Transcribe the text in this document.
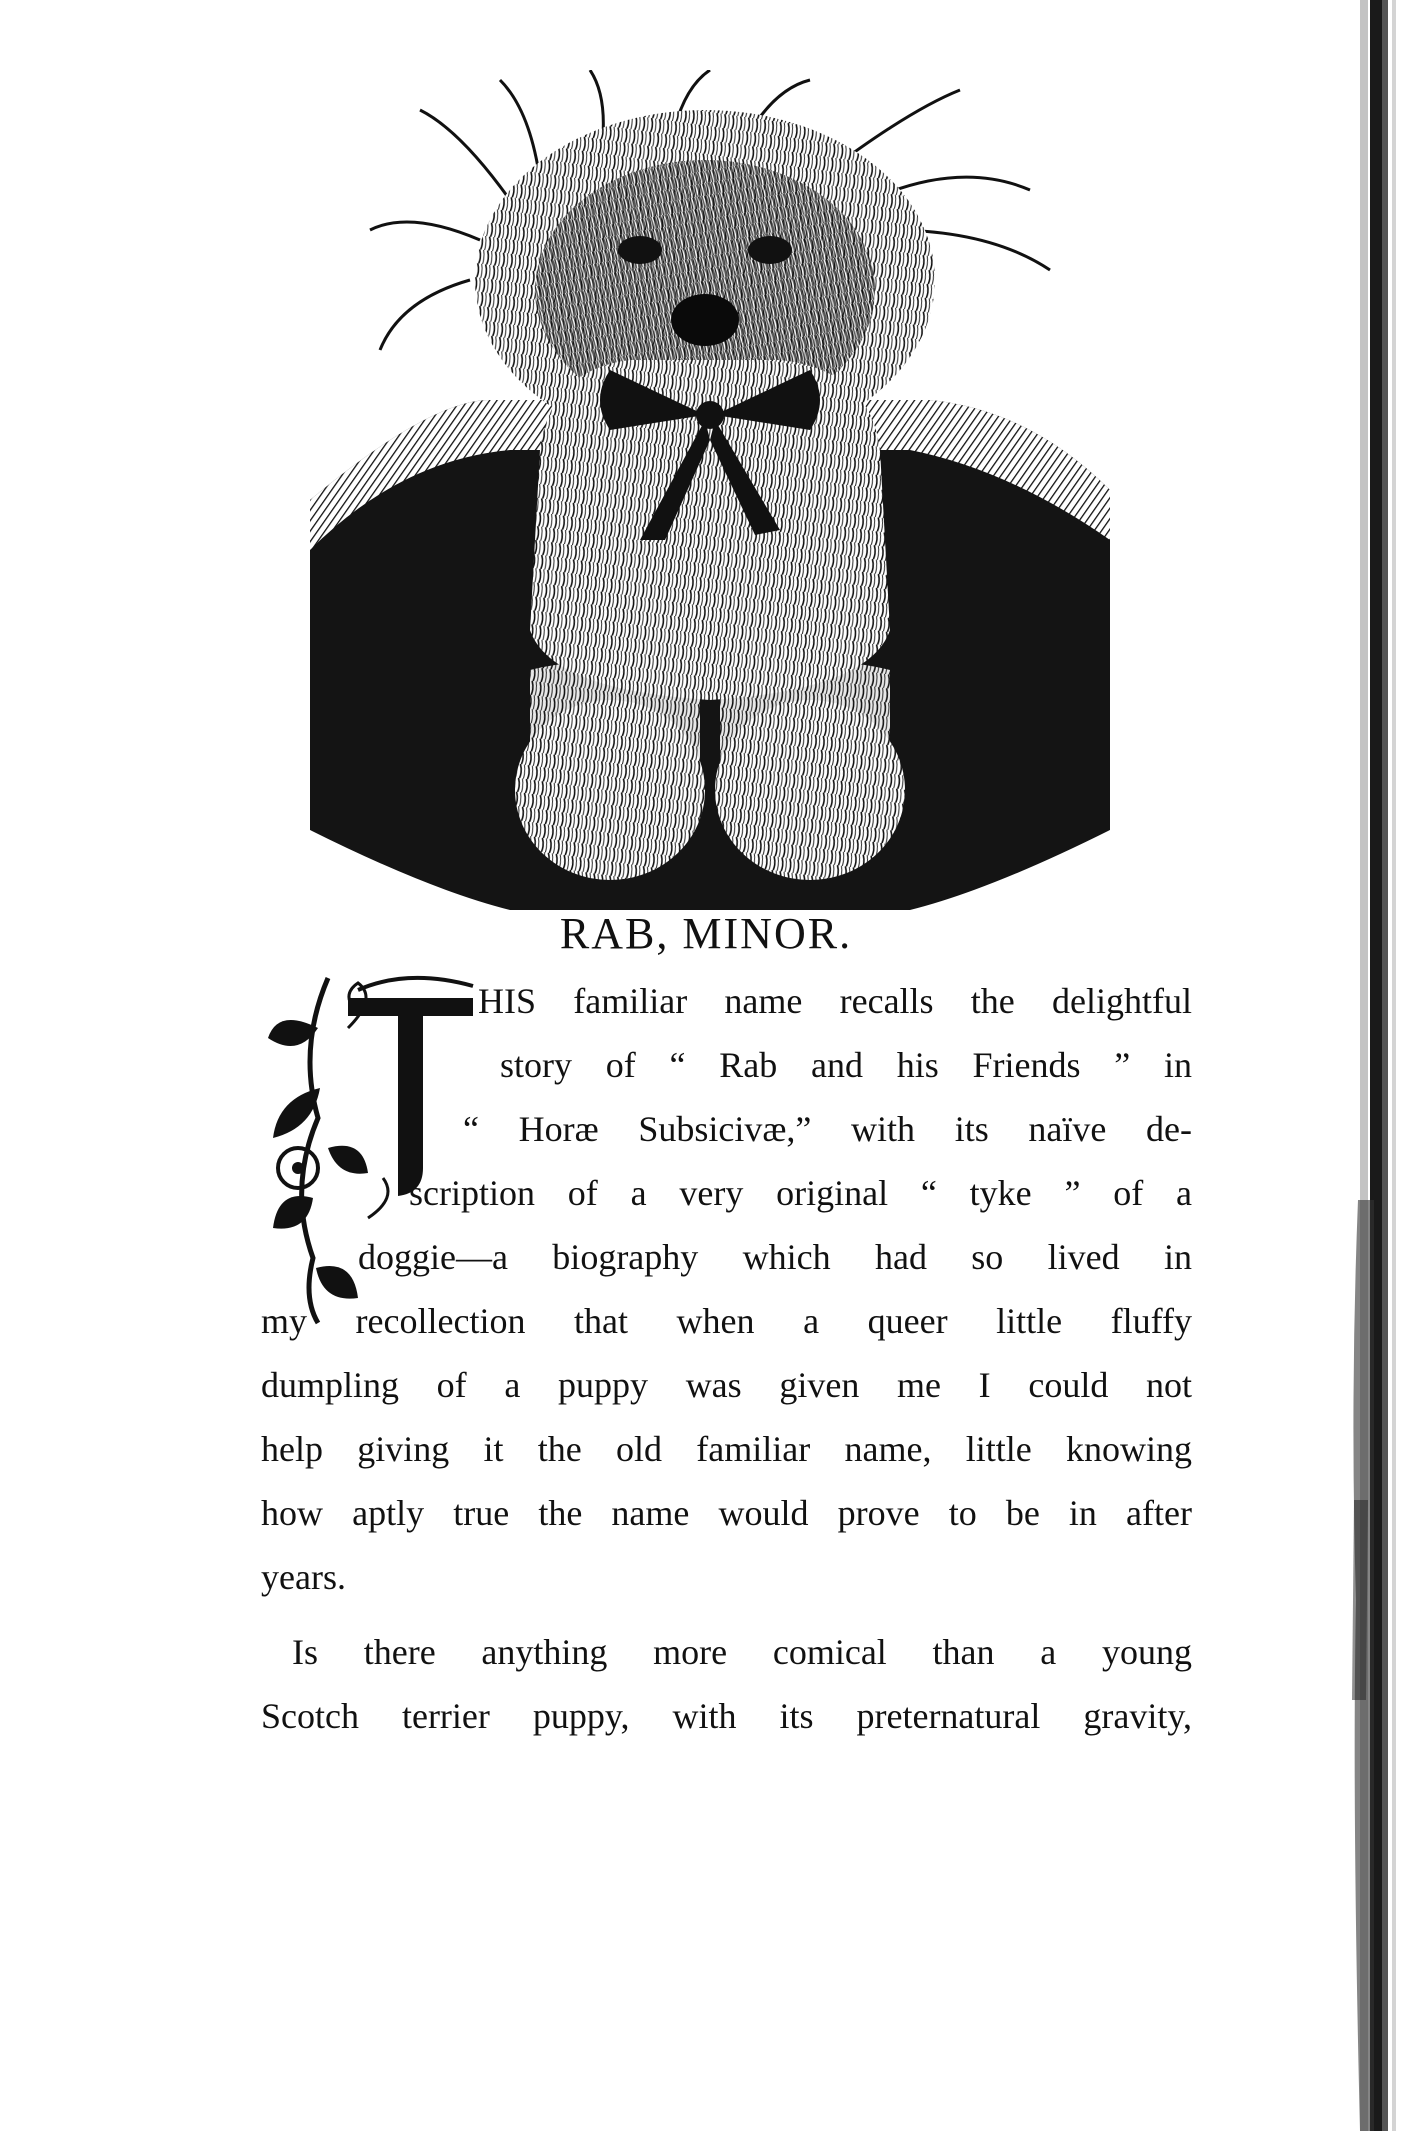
RAB, MINOR.
HIS familiar name recalls the delightful
story of “ Rab and his Friends ” in
“ Horæ Subsicivæ,” with its naïve de-
scription of a very original “ tyke ” of a
doggie—a biography which had so lived in
my recollection that when a queer little fluffy
dumpling of a puppy was given me I could not
help giving it the old familiar name, little knowing
how aptly true the name would prove to be in after
years.
Is there anything more comical than a young
Scotch terrier puppy, with its preternatural gravity,
